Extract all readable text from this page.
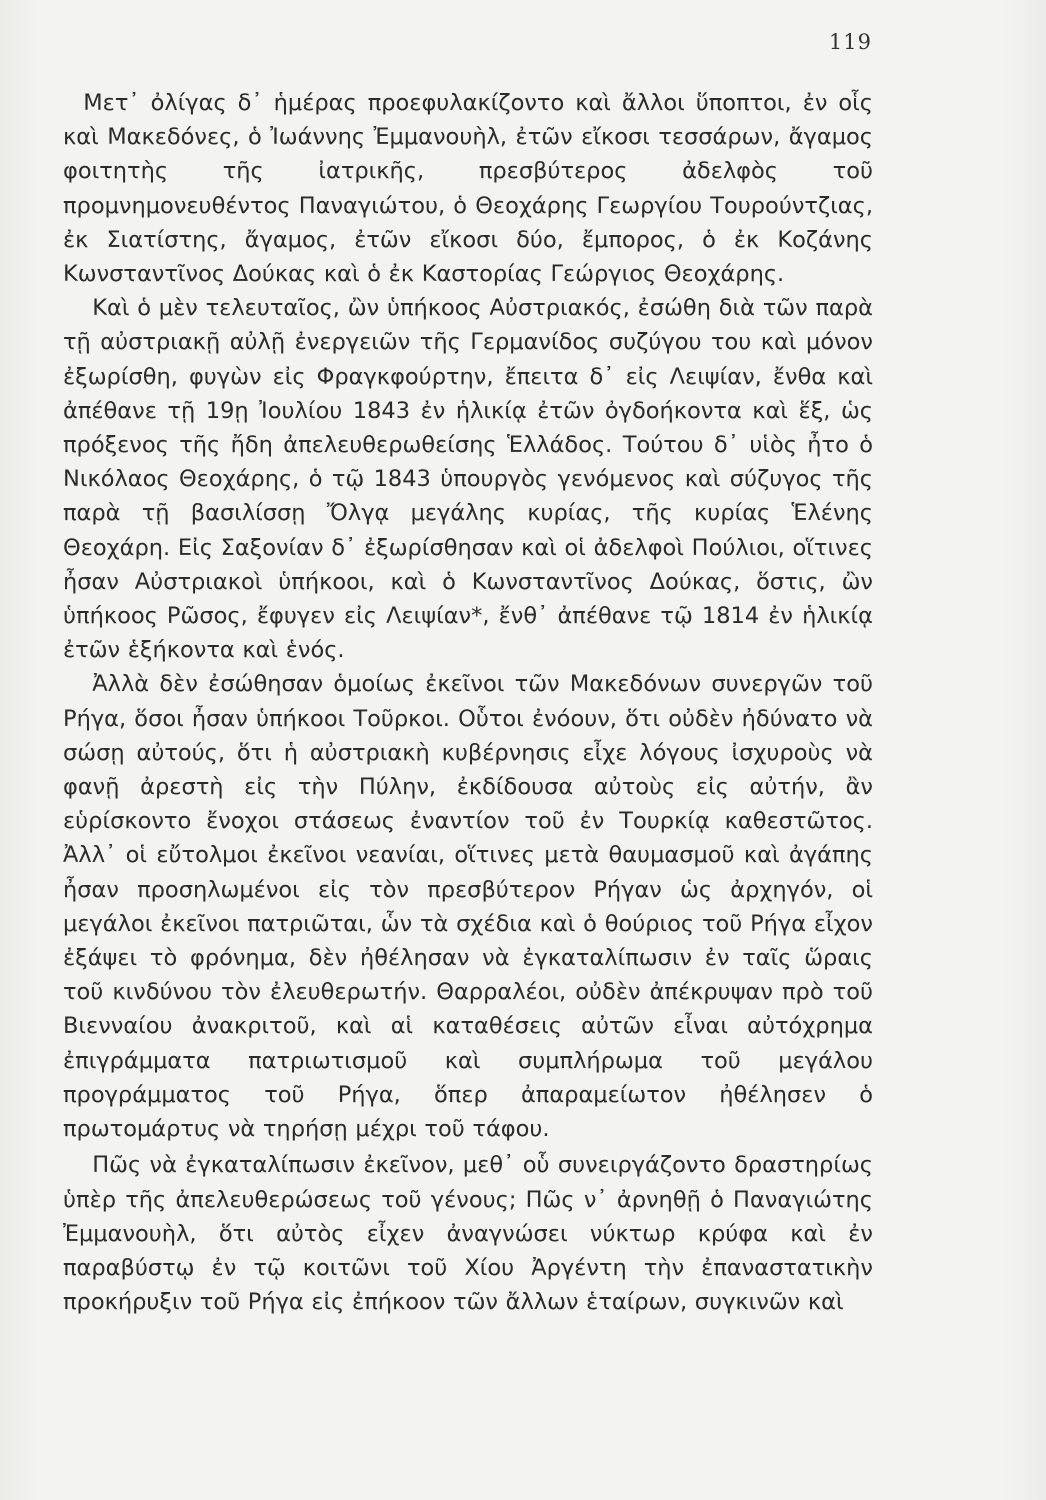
119

Μετ᾽ ὀλίγας δ᾽ ἡμέρας προεφυλακίζοντο καὶ ἄλλοι ὕποπτοι, ἐν οἷς καὶ Μακεδόνες, ὁ Ἰωάννης Ἐμμανουὴλ, ἐτῶν εἴκοσι τεσσάρων, ἄγαμος φοιτητὴς τῆς ἰατρικῆς, πρεσβύτερος ἀδελφὸς τοῦ προμνημονευθέντος Παναγιώτου, ὁ Θεοχάρης Γεωργίου Τουρούντζιας, ἐκ Σιατίστης, ἄγαμος, ἐτῶν εἴκοσι δύο, ἔμπορος, ὁ ἐκ Κοζάνης Κωνσταντῖνος Δούκας καὶ ὁ ἐκ Καστορίας Γεώργιος Θεοχάρης.

Καὶ ὁ μὲν τελευταῖος, ὢν ὑπήκοος Αὐστριακός, ἐσώθη διὰ τῶν παρὰ τῇ αὐστριακῇ αὐλῇ ἐνεργειῶν τῆς Γερμανίδος συζύγου του καὶ μόνον ἐξωρίσθη, φυγὼν εἰς Φραγκφούρτην, ἔπειτα δ᾽ εἰς Λειψίαν, ἔνθα καὶ ἀπέθανε τῇ 19ῃ Ἰουλίου 1843 ἐν ἡλικίᾳ ἐτῶν ὀγδοήκοντα καὶ ἕξ, ὡς πρόξενος τῆς ἤδη ἀπελευθερωθείσης Ἑλλάδος. Τούτου δ᾽ υἱὸς ἦτο ὁ Νικόλαος Θεοχάρης, ὁ τῷ 1843 ὑπουργὸς γενόμενος καὶ σύζυγος τῆς παρὰ τῇ βασιλίσσῃ Ὄλγᾳ μεγάλης κυρίας, τῆς κυρίας Ἑλένης Θεοχάρη. Εἰς Σαξονίαν δ᾽ ἐξωρίσθησαν καὶ οἱ ἀδελφοὶ Πούλιοι, οἵτινες ἦσαν Αὐστριακοὶ ὑπήκοοι, καὶ ὁ Κωνσταντῖνος Δούκας, ὅστις, ὢν ὑπήκοος Ρῶσος, ἔφυγεν εἰς Λειψίαν*, ἔνθ᾽ ἀπέθανε τῷ 1814 ἐν ἡλικίᾳ ἐτῶν ἑξήκοντα καὶ ἑνός.

Ἀλλὰ δὲν ἐσώθησαν ὁμοίως ἐκεῖνοι τῶν Μακεδόνων συνεργῶν τοῦ Ρήγα, ὅσοι ἦσαν ὑπήκοοι Τοῦρκοι. Οὗτοι ἐνόουν, ὅτι οὐδὲν ἠδύνατο νὰ σώσῃ αὐτούς, ὅτι ἡ αὐστριακὴ κυβέρνησις εἶχε λόγους ἰσχυροὺς νὰ φανῇ ἀρεστὴ εἰς τὴν Πύλην, ἐκδίδουσα αὐτοὺς εἰς αὐτήν, ἂν εὑρίσκοντο ἔνοχοι στάσεως ἐναντίον τοῦ ἐν Τουρκίᾳ καθεστῶτος. Ἀλλ᾽ οἱ εὔτολμοι ἐκεῖνοι νεανίαι, οἵτινες μετὰ θαυμασμοῦ καὶ ἀγάπης ἦσαν προσηλωμένοι εἰς τὸν πρεσβύτερον Ρήγαν ὡς ἀρχηγόν, οἱ μεγάλοι ἐκεῖνοι πατριῶται, ὧν τὰ σχέδια καὶ ὁ θούριος τοῦ Ρήγα εἶχον ἐξάψει τὸ φρόνημα, δὲν ἠθέλησαν νὰ ἐγκαταλίπωσιν ἐν ταῖς ὥραις τοῦ κινδύνου τὸν ἐλευθερωτήν. Θαρραλέοι, οὐδὲν ἀπέκρυψαν πρὸ τοῦ Βιενναίου ἀνακριτοῦ, καὶ αἱ καταθέσεις αὐτῶν εἶναι αὐτόχρημα ἐπιγράμματα πατριωτισμοῦ καὶ συμπλήρωμα τοῦ μεγάλου προγράμματος τοῦ Ρήγα, ὅπερ ἀπαραμείωτον ἠθέλησεν ὁ πρωτομάρτυς νὰ τηρήσῃ μέχρι τοῦ τάφου.

Πῶς νὰ ἐγκαταλίπωσιν ἐκεῖνον, μεθ᾽ οὗ συνειργάζοντο δραστηρίως ὑπὲρ τῆς ἀπελευθερώσεως τοῦ γένους; Πῶς ν᾽ ἀρνηθῇ ὁ Παναγιώτης Ἐμμανουὴλ, ὅτι αὐτὸς εἶχεν ἀναγνώσει νύκτωρ κρύφα καὶ ἐν παραβύστῳ ἐν τῷ κοιτῶνι τοῦ Χίου Ἀργέντη τὴν ἐπαναστατικὴν προκήρυξιν τοῦ Ρήγα εἰς ἐπήκοον τῶν ἄλλων ἑταίρων, συγκινῶν καὶ
